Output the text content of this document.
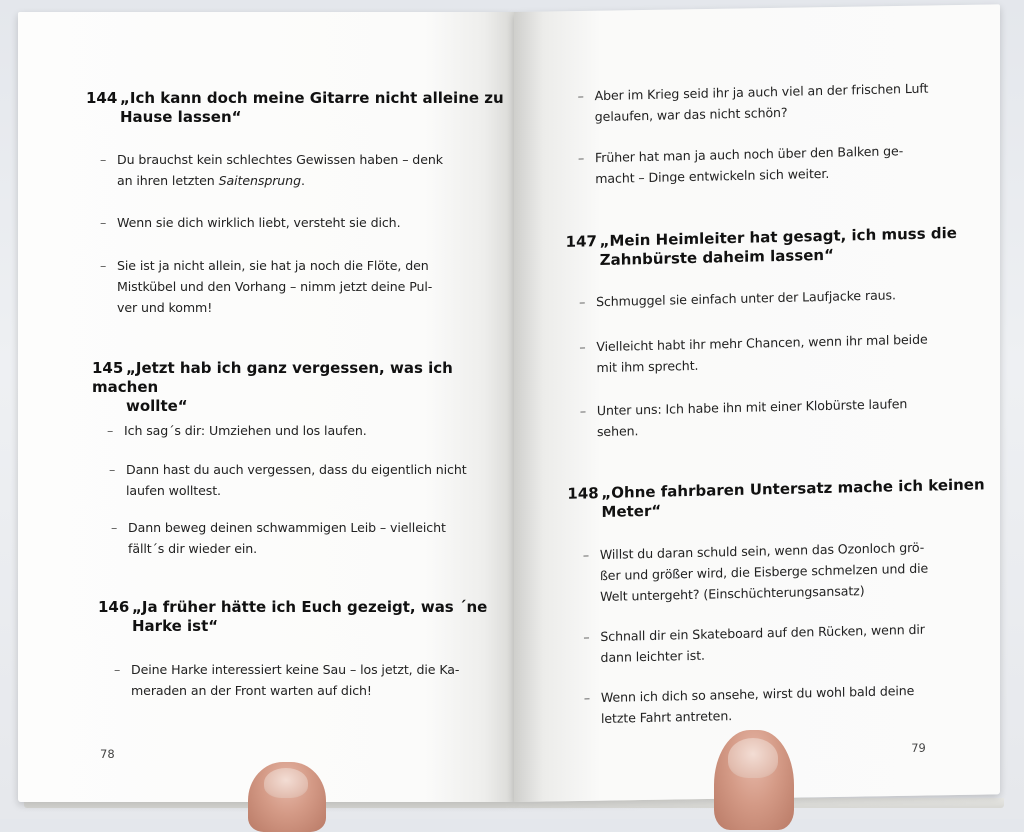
144 „Ich kann doch meine Gitarre nicht alleine zu
Hause lassen“
– Du brauchst kein schlechtes Gewissen haben – denk
an ihren letzten Saitensprung.
– Wenn sie dich wirklich liebt, versteht sie dich.
– Sie ist ja nicht allein, sie hat ja noch die Flöte, den
Mistkübel und den Vorhang – nimm jetzt deine Pul-
ver und komm!
145 „Jetzt hab ich ganz vergessen, was ich machen
wollte“
– Ich sag´s dir: Umziehen und los laufen.
– Dann hast du auch vergessen, dass du eigentlich nicht
laufen wolltest.
– Dann beweg deinen schwammigen Leib – vielleicht
fällt´s dir wieder ein.
146 „Ja früher hätte ich Euch gezeigt, was ´ne
Harke ist“
– Deine Harke interessiert keine Sau – los jetzt, die Ka-
meraden an der Front warten auf dich!
78
– Aber im Krieg seid ihr ja auch viel an der frischen Luft
gelaufen, war das nicht schön?
– Früher hat man ja auch noch über den Balken ge-
macht – Dinge entwickeln sich weiter.
147 „Mein Heimleiter hat gesagt, ich muss die
Zahnbürste daheim lassen“
– Schmuggel sie einfach unter der Laufjacke raus.
– Vielleicht habt ihr mehr Chancen, wenn ihr mal beide
mit ihm sprecht.
– Unter uns: Ich habe ihn mit einer Klobürste laufen
sehen.
148 „Ohne fahrbaren Untersatz mache ich keinen
Meter“
– Willst du daran schuld sein, wenn das Ozonloch grö-
ßer und größer wird, die Eisberge schmelzen und die
Welt untergeht? (Einschüchterungsansatz)
– Schnall dir ein Skateboard auf den Rücken, wenn dir
dann leichter ist.
– Wenn ich dich so ansehe, wirst du wohl bald deine
letzte Fahrt antreten.
79
